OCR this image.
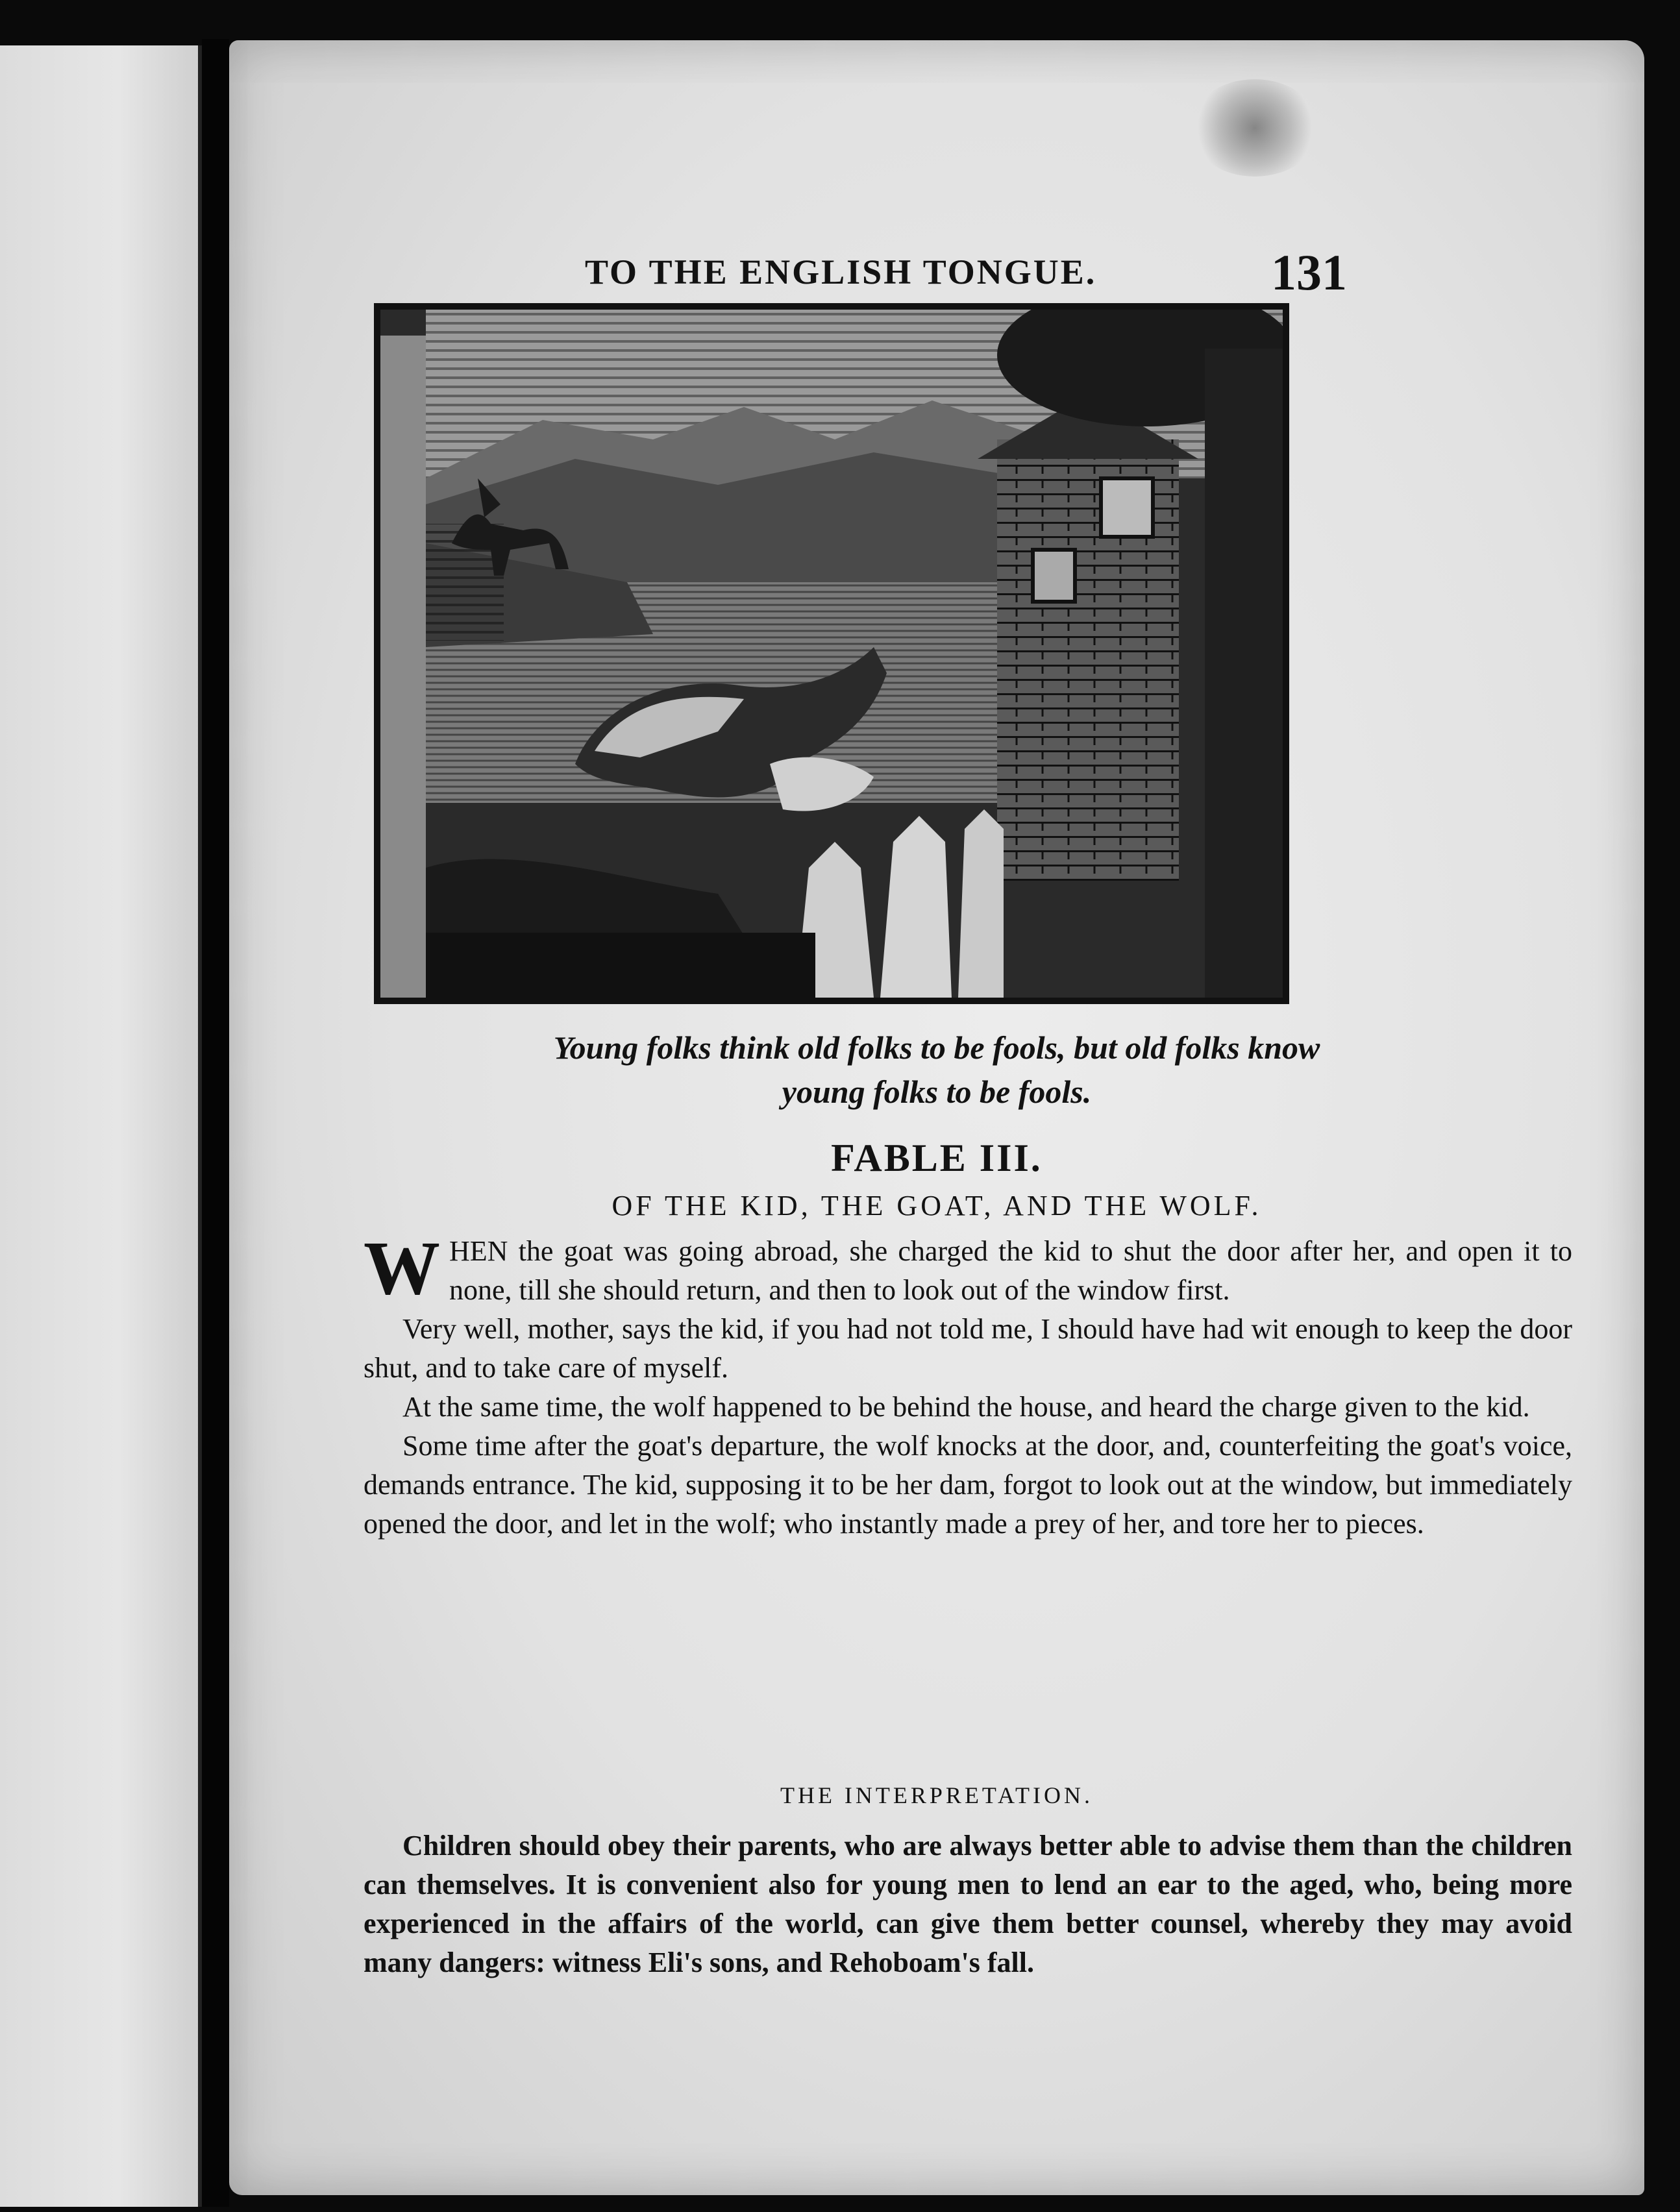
TO THE ENGLISH TONGUE.	131
Young folks think old folks to be fools, but old folks know
young folks to be fools.
FABLE III.
OF THE KID, THE GOAT, AND THE WOLF.

WHEN the goat was going abroad, she charged the kid to shut the door after her, and open it to none, till she should return, and then to look out of the window first.

Very well, mother, says the kid, if you had not told me, I should have had wit enough to keep the door shut, and to take care of myself.

At the same time, the wolf happened to be behind the house, and heard the charge given to the kid.

Some time after the goat's departure, the wolf knocks at the door, and, counterfeiting the goat's voice, demands entrance. The kid, supposing it to be her dam, forgot to look out at the window, but immediately opened the door, and let in the wolf; who instantly made a prey of her, and tore her to pieces.

THE INTERPRETATION.

Children should obey their parents, who are always better able to advise them than the children can themselves. It is convenient also for young men to lend an ear to the aged, who, being more experienced in the affairs of the world, can give them better counsel, whereby they may avoid many dangers: witness Eli's sons, and Rehoboam's fall.
